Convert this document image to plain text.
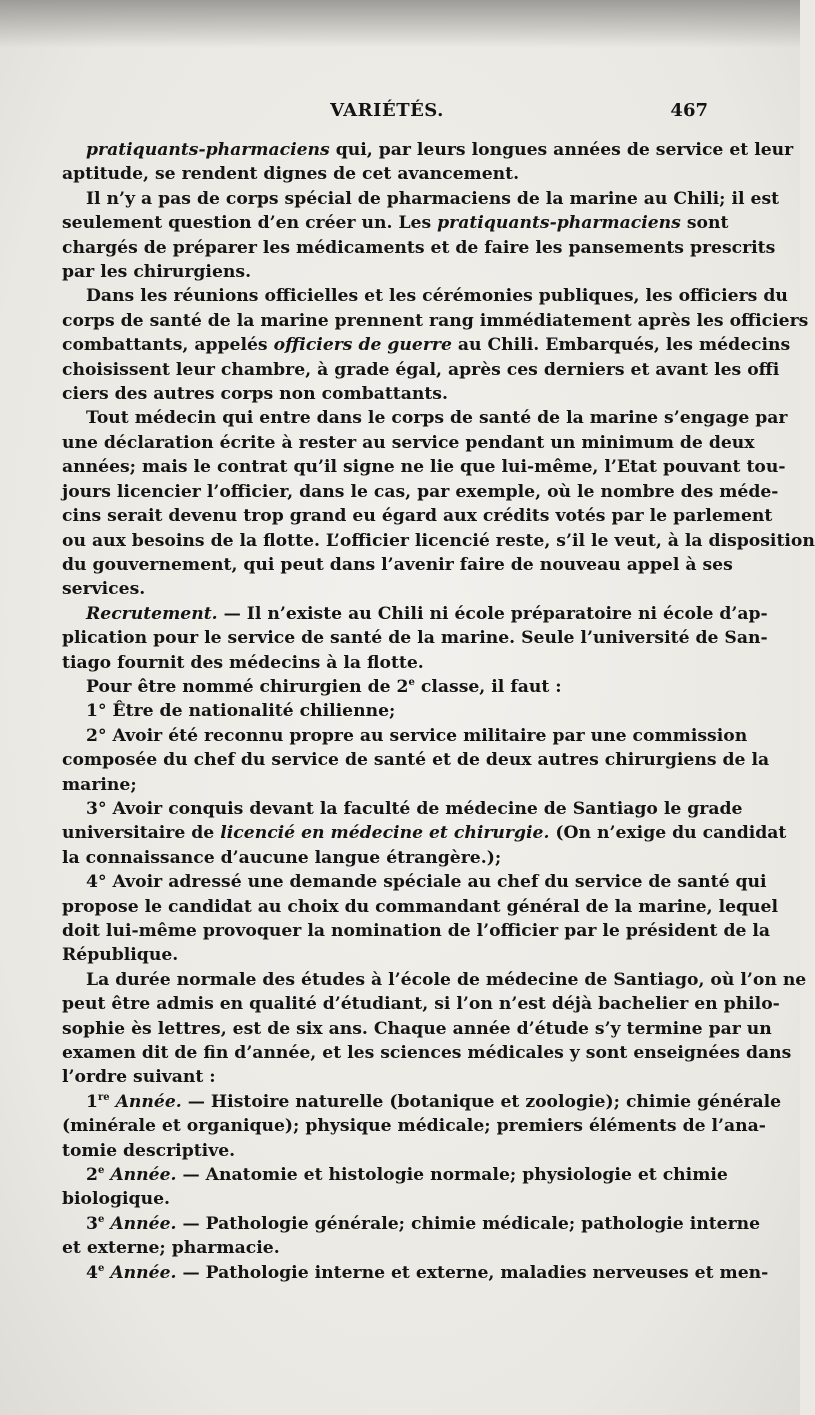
VARIÉTÉS.	467
pratiquants-pharmaciens qui, par leurs longues années de service et leur
aptitude, se rendent dignes de cet avancement.
Il n’y a pas de corps spécial de pharmaciens de la marine au Chili; il est
seulement question d’en créer un. Les pratiquants-pharmaciens sont
chargés de préparer les médicaments et de faire les pansements prescrits
par les chirurgiens.
Dans les réunions officielles et les cérémonies publiques, les officiers du
corps de santé de la marine prennent rang immédiatement après les officiers
combattants, appelés officiers de guerre au Chili. Embarqués, les médecins
choisissent leur chambre, à grade égal, après ces derniers et avant les offi
ciers des autres corps non combattants.
Tout médecin qui entre dans le corps de santé de la marine s’engage par
une déclaration écrite à rester au service pendant un minimum de deux
années; mais le contrat qu’il signe ne lie que lui-même, l’Etat pouvant tou-
jours licencier l’officier, dans le cas, par exemple, où le nombre des méde-
cins serait devenu trop grand eu égard aux crédits votés par le parlement
ou aux besoins de la flotte. L’officier licencié reste, s’il le veut, à la disposition
du gouvernement, qui peut dans l’avenir faire de nouveau appel à ses
services.
Recrutement. — Il n’existe au Chili ni école préparatoire ni école d’ap-
plication pour le service de santé de la marine. Seule l’université de San-
tiago fournit des médecins à la flotte.
Pour être nommé chirurgien de 2e classe, il faut :
1° Être de nationalité chilienne;
2° Avoir été reconnu propre au service militaire par une commission
composée du chef du service de santé et de deux autres chirurgiens de la
marine;
3° Avoir conquis devant la faculté de médecine de Santiago le grade
universitaire de licencié en médecine et chirurgie. (On n’exige du candidat
la connaissance d’aucune langue étrangère.);
4° Avoir adressé une demande spéciale au chef du service de santé qui
propose le candidat au choix du commandant général de la marine, lequel
doit lui-même provoquer la nomination de l’officier par le président de la
République.
La durée normale des études à l’école de médecine de Santiago, où l’on ne
peut être admis en qualité d’étudiant, si l’on n’est déjà bachelier en philo-
sophie ès lettres, est de six ans. Chaque année d’étude s’y termine par un
examen dit de fin d’année, et les sciences médicales y sont enseignées dans
l’ordre suivant :
1re Année. — Histoire naturelle (botanique et zoologie); chimie générale
(minérale et organique); physique médicale; premiers éléments de l’ana-
tomie descriptive.
2e Année. — Anatomie et histologie normale; physiologie et chimie
biologique.
3e Année. — Pathologie générale; chimie médicale; pathologie interne
et externe; pharmacie.
4e Année. — Pathologie interne et externe, maladies nerveuses et men-
